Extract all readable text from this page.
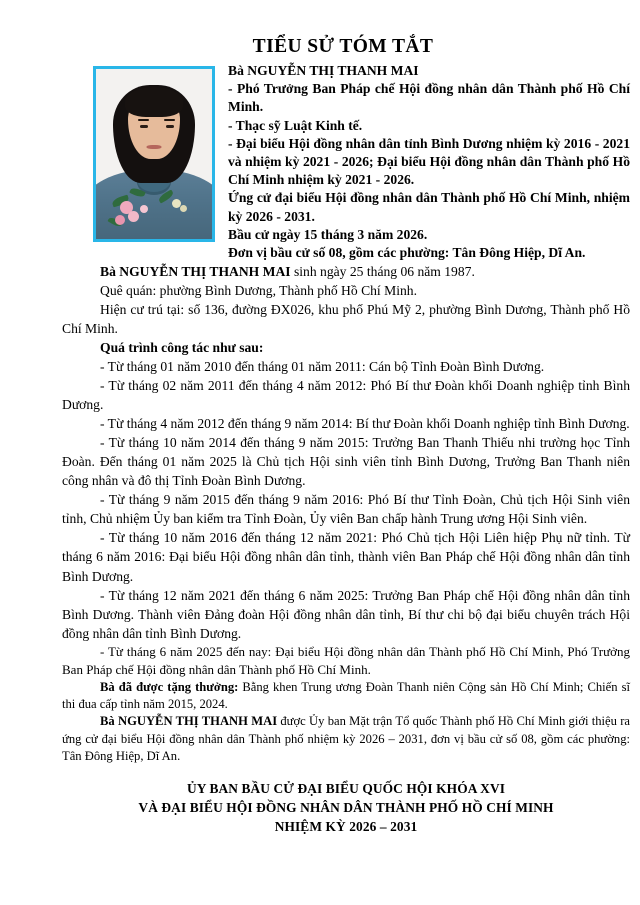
TIỂU SỬ TÓM TẮT

Bà NGUYỄN THỊ THANH MAI

- Phó Trưởng Ban Pháp chế Hội đồng nhân dân Thành phố Hồ Chí Minh.

- Thạc sỹ Luật Kinh tế.

- Đại biểu Hội đồng nhân dân tỉnh Bình Dương nhiệm kỳ 2016 - 2021 và nhiệm kỳ 2021 - 2026; Đại biểu Hội đồng nhân dân Thành phố Hồ Chí Minh nhiệm kỳ 2021 - 2026.

Ứng cử đại biểu Hội đồng nhân dân Thành phố Hồ Chí Minh, nhiệm kỳ 2026 - 2031.

Bầu cử ngày 15 tháng 3 năm 2026.

Đơn vị bầu cử số 08, gồm các phường: Tân Đông Hiệp, Dĩ An.

Bà NGUYỄN THỊ THANH MAI sinh ngày 25 tháng 06 năm 1987.

Quê quán: phường Bình Dương, Thành phố Hồ Chí Minh.

Hiện cư trú tại: số 136, đường ĐX026, khu phố Phú Mỹ 2, phường Bình Dương, Thành phố Hồ Chí Minh.

Quá trình công tác như sau:

- Từ tháng 01 năm 2010 đến tháng 01 năm 2011: Cán bộ Tỉnh Đoàn Bình Dương.

- Từ tháng 02 năm 2011 đến tháng 4 năm 2012: Phó Bí thư Đoàn khối Doanh nghiệp tỉnh Bình Dương.

- Từ tháng 4 năm 2012 đến tháng 9 năm 2014: Bí thư Đoàn khối Doanh nghiệp tỉnh Bình Dương.

- Từ tháng 10 năm 2014 đến tháng 9 năm 2015: Trưởng Ban Thanh Thiếu nhi trường học Tỉnh Đoàn. Đến tháng 01 năm 2025 là Chủ tịch Hội sinh viên tỉnh Bình Dương, Trưởng Ban Thanh niên công nhân và đô thị Tỉnh Đoàn Bình Dương.

- Từ tháng 9 năm 2015 đến tháng 9 năm 2016: Phó Bí thư Tỉnh Đoàn, Chủ tịch Hội Sinh viên tỉnh, Chủ nhiệm Ủy ban kiểm tra Tỉnh Đoàn, Ủy viên Ban chấp hành Trung ương Hội Sinh viên.

- Từ tháng 10 năm 2016 đến tháng 12 năm 2021: Phó Chủ tịch Hội Liên hiệp Phụ nữ tỉnh. Từ tháng 6 năm 2016: Đại biểu Hội đồng nhân dân tỉnh, thành viên Ban Pháp chế Hội đồng nhân dân tỉnh Bình Dương.

- Từ tháng 12 năm 2021 đến tháng 6 năm 2025: Trưởng Ban Pháp chế Hội đồng nhân dân tỉnh Bình Dương. Thành viên Đảng đoàn Hội đồng nhân dân tỉnh, Bí thư chi bộ đại biểu chuyên trách Hội đồng nhân dân tỉnh Bình Dương.

- Từ tháng 6 năm 2025 đến nay: Đại biểu Hội đồng nhân dân Thành phố Hồ Chí Minh, Phó Trưởng Ban Pháp chế Hội đồng nhân dân Thành phố Hồ Chí Minh.

Bà đã được tặng thưởng: Bằng khen Trung ương Đoàn Thanh niên Cộng sản Hồ Chí Minh; Chiến sĩ thi đua cấp tỉnh năm 2015, 2024.

Bà NGUYỄN THỊ THANH MAI được Ủy ban Mặt trận Tổ quốc Thành phố Hồ Chí Minh giới thiệu ra ứng cử đại biểu Hội đồng nhân dân Thành phố nhiệm kỳ 2026 – 2031, đơn vị bầu cử số 08, gồm các phường: Tân Đông Hiệp, Dĩ An.

ỦY BAN BẦU CỬ ĐẠI BIỂU QUỐC HỘI KHÓA XVI

VÀ ĐẠI BIỂU HỘI ĐỒNG NHÂN DÂN THÀNH PHỐ HỒ CHÍ MINH

NHIỆM KỲ 2026 – 2031
